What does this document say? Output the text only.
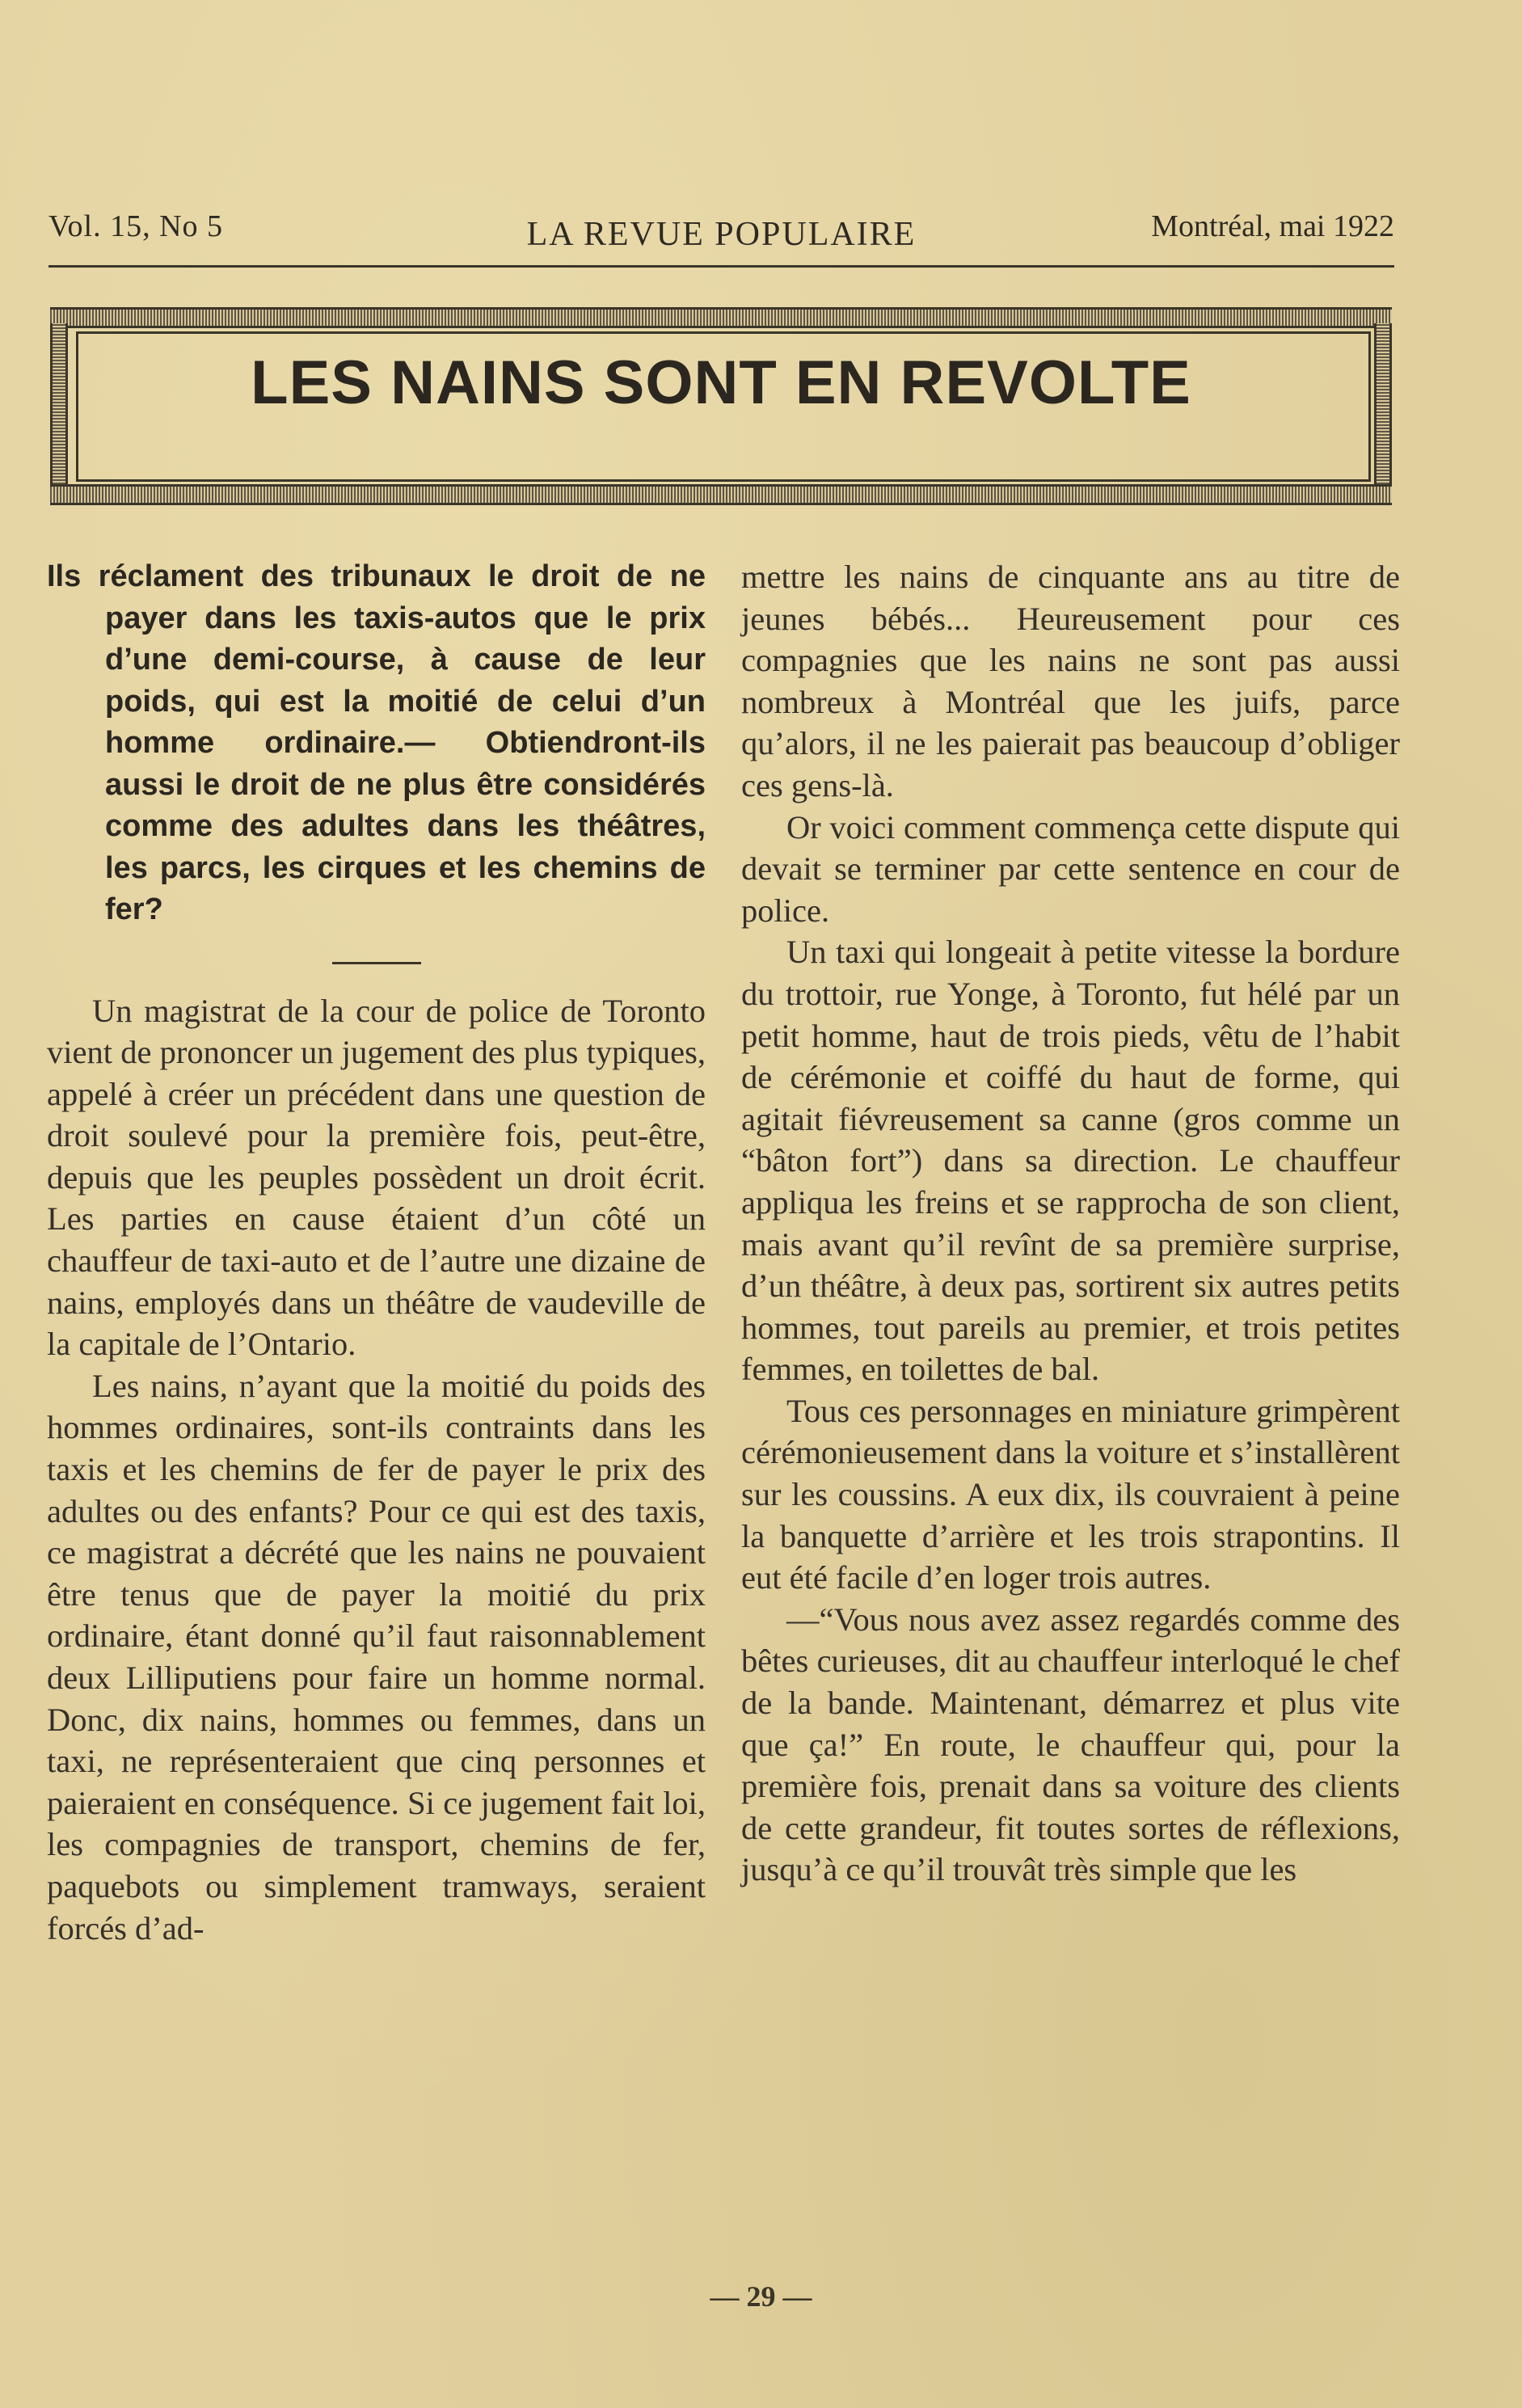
Vol. 15, No 5	LA REVUE POPULAIRE	Montréal, mai 1922
LES NAINS SONT EN REVOLTE

Ils réclament des tribunaux le droit de ne payer dans les taxis-autos que le prix d’une demi-course, à cause de leur poids, qui est la moitié de celui d’un homme ordinaire.— Obtiendront-ils aussi le droit de ne plus être considérés comme des adultes dans les théâtres, les parcs, les cirques et les chemins de fer?

Un magistrat de la cour de police de Toronto vient de prononcer un jugement des plus typiques, appelé à créer un précédent dans une question de droit soulevé pour la première fois, peut-être, depuis que les peuples possèdent un droit écrit. Les parties en cause étaient d’un côté un chauffeur de taxi-auto et de l’autre une dizaine de nains, employés dans un théâtre de vaudeville de la capitale de l’Ontario.

Les nains, n’ayant que la moitié du poids des hommes ordinaires, sont-ils contraints dans les taxis et les chemins de fer de payer le prix des adultes ou des enfants? Pour ce qui est des taxis, ce magistrat a décrété que les nains ne pouvaient être tenus que de payer la moitié du prix ordinaire, étant donné qu’il faut raisonnablement deux Lilliputiens pour faire un homme normal. Donc, dix nains, hommes ou femmes, dans un taxi, ne représenteraient que cinq personnes et paieraient en conséquence. Si ce jugement fait loi, les compagnies de transport, chemins de fer, paquebots ou simplement tramways, seraient forcés d’ad-

mettre les nains de cinquante ans au titre de jeunes bébés... Heureusement pour ces compagnies que les nains ne sont pas aussi nombreux à Montréal que les juifs, parce qu’alors, il ne les paierait pas beaucoup d’obliger ces gens-là.

Or voici comment commença cette dispute qui devait se terminer par cette sentence en cour de police.

Un taxi qui longeait à petite vitesse la bordure du trottoir, rue Yonge, à Toronto, fut hélé par un petit homme, haut de trois pieds, vêtu de l’habit de cérémonie et coiffé du haut de forme, qui agitait fiévreusement sa canne (gros comme un “bâton fort”) dans sa direction. Le chauffeur appliqua les freins et se rapprocha de son client, mais avant qu’il revînt de sa première surprise, d’un théâtre, à deux pas, sortirent six autres petits hommes, tout pareils au premier, et trois petites femmes, en toilettes de bal.

Tous ces personnages en miniature grimpèrent cérémonieusement dans la voiture et s’installèrent sur les coussins. A eux dix, ils couvraient à peine la banquette d’arrière et les trois strapontins. Il eut été facile d’en loger trois autres.

—“Vous nous avez assez regardés comme des bêtes curieuses, dit au chauffeur interloqué le chef de la bande. Maintenant, démarrez et plus vite que ça!” En route, le chauffeur qui, pour la première fois, prenait dans sa voiture des clients de cette grandeur, fit toutes sortes de réflexions, jusqu’à ce qu’il trouvât très simple que les

— 29 —
